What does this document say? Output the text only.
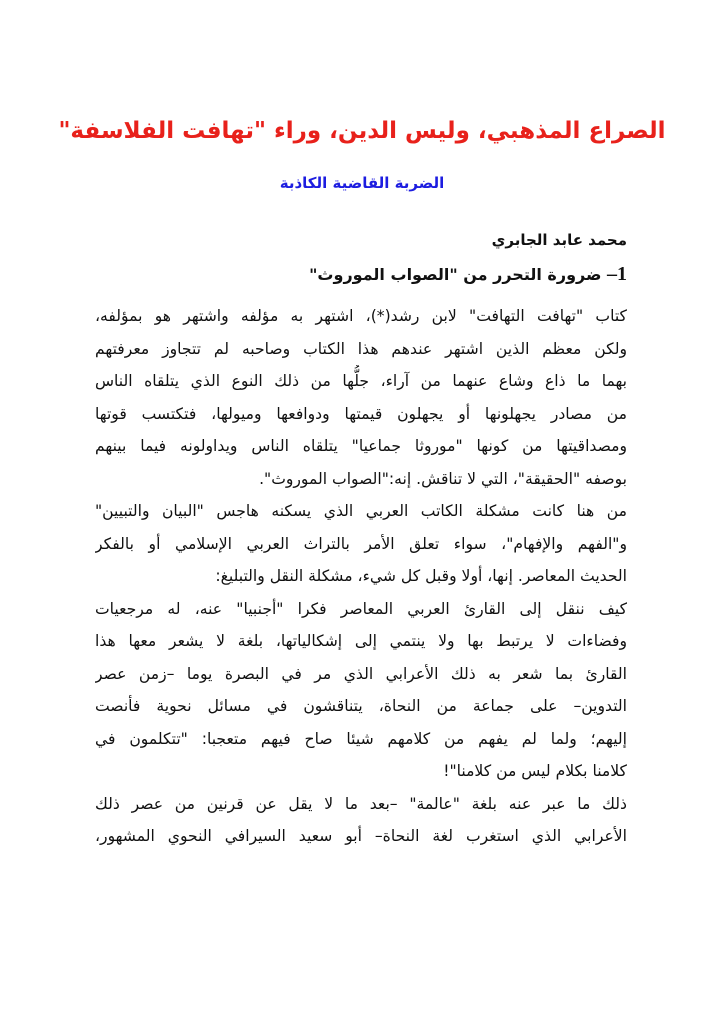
الصراع المذهبي، وليس الدين، وراء "تهافت الفلاسفة"
الضربة القاضية الكاذبة
محمد عابد الجابري
1– ضرورة التحرر من "الصواب الموروث"
كتاب "تهافت التهافت" لابن رشد(*)، اشتهر به مؤلفه واشتهر هو بمؤلفه،
ولكن معظم الذين اشتهر عندهم هذا الكتاب وصاحبه لم تتجاوز معرفتهم
بهما ما ذاع وشاع عنهما من آراء، جلُّها من ذلك النوع الذي يتلقاه الناس
من مصادر يجهلونها أو يجهلون قيمتها ودوافعها وميولها، فتكتسب قوتها
ومصداقيتها من كونها "موروثا جماعيا" يتلقاه الناس ويداولونه فيما بينهم
بوصفه "الحقيقة"، التي لا تناقش. إنه:"الصواب الموروث".
من هنا كانت مشكلة الكاتب العربي الذي يسكنه هاجس "البيان والتبيين"
و"الفهم والإفهام"، سواء تعلق الأمر بالتراث العربي الإسلامي أو بالفكر
الحديث المعاصر. إنها، أولا وقبل كل شيء، مشكلة النقل والتبليغ:
كيف ننقل إلى القارئ العربي المعاصر فكرا "أجنبيا" عنه، له مرجعيات
وفضاءات لا يرتبط بها ولا ينتمي إلى إشكالياتها، بلغة لا يشعر معها هذا
القارئ بما شعر به ذلك الأعرابي الذي مر في البصرة يوما –زمن عصر
التدوين– على جماعة من النحاة، يتناقشون في مسائل نحوية فأنصت
إليهم؛ ولما لم يفهم من كلامهم شيئا صاح فيهم متعجبا: "تتكلمون في
كلامنا بكلام ليس من كلامنا"!
ذلك ما عبر عنه بلغة "عالمة" –بعد ما لا يقل عن قرنين من عصر ذلك
الأعرابي الذي استغرب لغة النحاة– أبو سعيد السيرافي النحوي المشهور،
